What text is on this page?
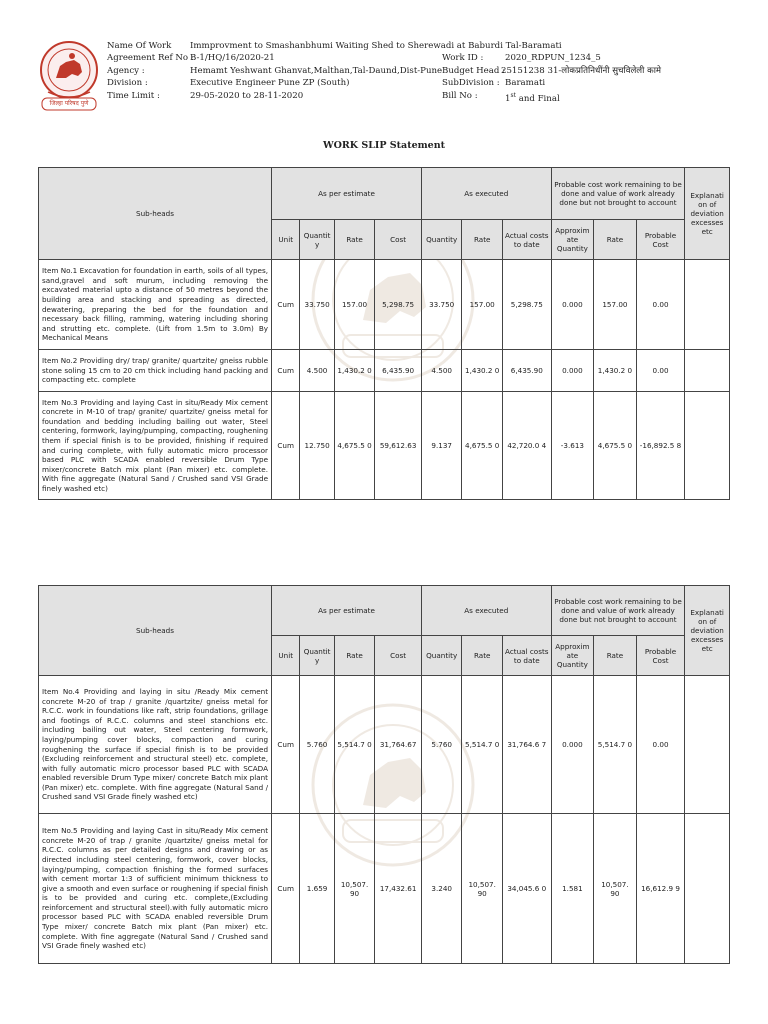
जिल्हा परिषद पुणे
Name Of Work Immprovment to Smashanbhumi Waiting Shed to Sherewadi at Baburdi Tal-Baramati
Agreement Ref No :
B-1/HQ/16/2020-21	Work ID :	2020_RDPUN_1234_5
Agency :	Hemamt Yeshwant Ghanvat,Malthan,Tal-Daund,Dist-Pune Budget Head :
25151238 31-लोकप्रतिनिधींनी सुचविलेली कामे
Division :	Executive Engineer Pune ZP (South)	SubDivision : Baramati
Time Limit :	29-05-2020 to 28-11-2020	Bill No :	1st and Final
WORK SLIP Statement
Sub-heads	As per estimate				As executed			Probable cost work remaining to be done and value of work already done but not brought to account			Explanati on of deviation excesses etc
	Unit	Quantit y	Rate	Cost	Quantity	Rate	Actual costs to date	Approxim ate Quantity	Rate	Probable Cost	
Item No.1 Excavation for foundation in earth, soils of all types, sand,gravel and soft murum, including removing the excavated material upto a distance of 50 metres beyond the building area and stacking and spreading as directed, dewatering, preparing the bed for the foundation and necessary back filling, ramming, watering including shoring and strutting etc. complete. (Lift from 1.5m to 3.0m) By Mechanical Means	Cum	33.750	157.00	5,298.75	33.750	157.00	5,298.75	0.000	157.00	0.00	
Item No.2 Providing dry/ trap/ granite/ quartzite/ gneiss rubble stone soling 15 cm to 20 cm thick including hand packing and compacting etc. complete	Cum	4.500	1,430.2 0	6,435.90	4.500	1,430.2 0	6,435.90	0.000	1,430.2 0	0.00	
Item No.3 Providing and laying Cast in situ/Ready Mix cement concrete in M-10 of trap/ granite/ quartzite/ gneiss metal for foundation and bedding including bailing out water, Steel centering, formwork, laying/pumping, compacting, roughening them if special finish is to be provided, finishing if required and curing complete, with fully automatic micro processor based PLC with SCADA enabled reversible Drum Type mixer/concrete Batch mix plant (Pan mixer) etc. complete. With fine aggregate (Natural Sand / Crushed sand VSI Grade finely washed etc)	Cum	12.750	4,675.5 0	59,612.63	9.137	4,675.5 0	42,720.0 4	-3.613	4,675.5 0	-16,892.5 8	
Sub-heads	As per estimate				As executed			Probable cost work remaining to be done and value of work already done but not brought to account			Explanati on of deviation excesses etc
	Unit	Quantit y	Rate	Cost	Quantity	Rate	Actual costs to date	Approxim ate Quantity	Rate	Probable Cost	
Item No.4 Providing and laying in situ /Ready Mix cement concrete M-20 of trap / granite /quartzite/ gneiss metal for R.C.C. work in foundations like raft, strip foundations, grillage and footings of R.C.C. columns and steel stanchions etc. including bailing out water, Steel centering formwork, laying/pumping cover blocks, compaction and curing roughening the surface if special finish is to be provided (Excluding reinforcement and structural steel) etc. complete, with fully automatic micro processor based PLC with SCADA enabled reversible Drum Type mixer/ concrete Batch mix plant (Pan mixer) etc. complete. With fine aggregate (Natural Sand / Crushed sand VSI Grade finely washed etc)	Cum	5.760	5,514.7 0	31,764.67	5.760	5,514.7 0	31,764.6 7	0.000	5,514.7 0	0.00	
Item No.5 Providing and laying Cast in situ/Ready Mix cement concrete M-20 of trap / granite /quartzite/ gneiss metal for R.C.C. columns as per detailed designs and drawing or as directed including steel centering, formwork, cover blocks, laying/pumping, compaction finishing the formed surfaces with cement mortar 1:3 of sufficient minimum thickness to give a smooth and even surface or roughening if special finish is to be provided and curing etc. complete,(Excluding reinforcement and structural steel).with fully automatic micro processor based PLC with SCADA enabled reversible Drum Type mixer/ concrete Batch mix plant (Pan mixer) etc. complete. With fine aggregate (Natural Sand / Crushed sand VSI Grade finely washed etc)	Cum	1.659	10,507. 90	17,432.61	3.240	10,507. 90	34,045.6 0	1.581	10,507. 90	16,612.9 9	
